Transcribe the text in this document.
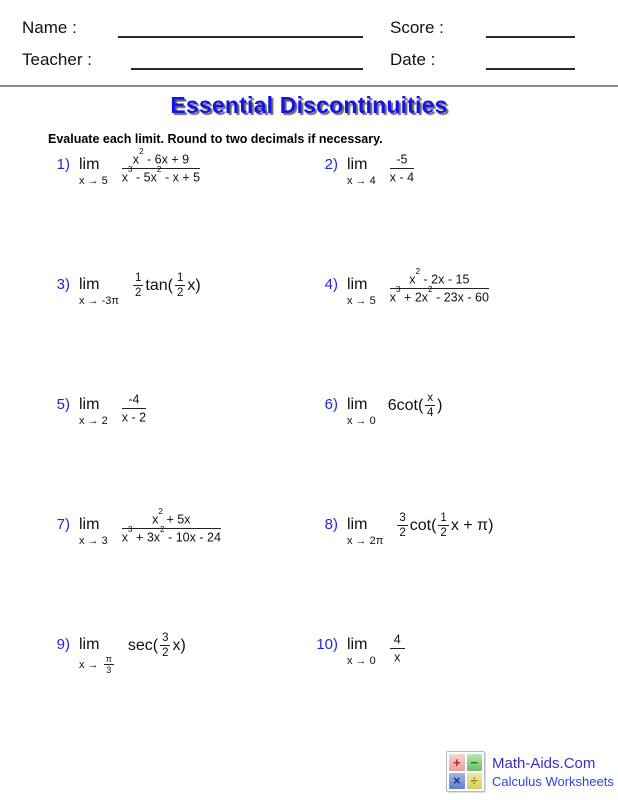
Name :	Score :
Teacher :	Date :
Essential Discontinuities
Evaluate each limit. Round to two decimals if necessary.
1) lim
$x \to 5 \frac{x^2 - 6x + 9}{x^3 - 5x^2 - x + 5}$	2) lim
$x \to 4 \frac{-5}{x - 4}$
3) lim
x → -3π
$\frac{1}{2} \tan( \frac{1}{2} x)$	4) lim
$x \to 5 \frac{x^2 - 2x - 15}{x^3 + 2x^2 - 23x - 60}$
5) lim
$x \to 2 \frac{-4}{x - 2}$	6) lim
x → 0
$6\cot( \frac{x}{4}$ )
7) lim
$x \to 3 \frac{x^2 + 5x}{x^3 + 3x^2 - 10x - 24}$	8) lim
x → 2π
$\frac{3}{2} \cot( \frac{1}{2}$ x + π)
9) lim
$x \to \frac{\pi}{3}$
$\sec( \frac{3}{2} x)$	10) lim
$x \to 0 \frac{4}{x}$
+ −
× ÷
Math-Aids.Com
Calculus Worksheets
